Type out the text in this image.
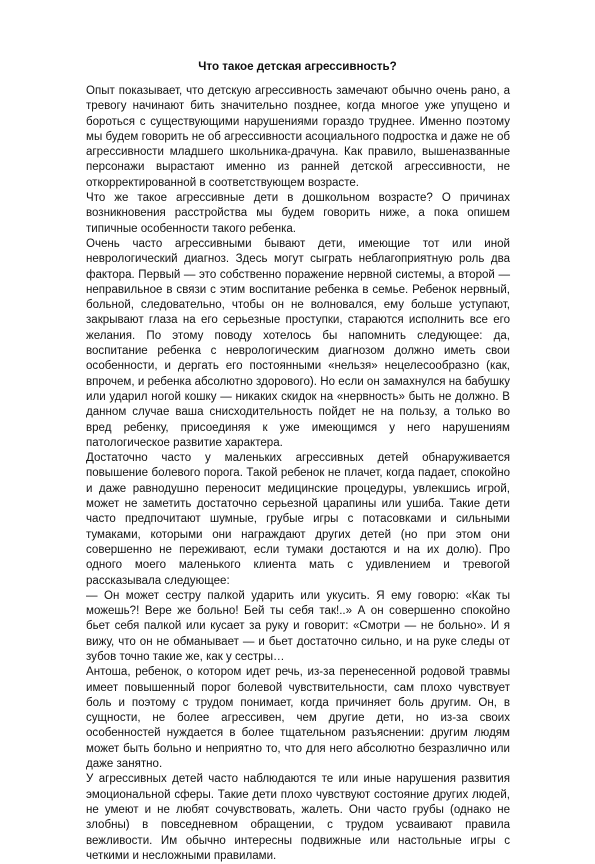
Что такое детская агрессивность?

Опыт показывает, что детскую агрессивность замечают обычно очень рано, а тревогу начинают бить значительно позднее, когда многое уже упущено и бороться с существующими нарушениями гораздо труднее. Именно поэтому мы будем говорить не об агрессивности асоциального подростка и даже не об агрессивности младшего школьника-драчуна. Как правило, вышеназванные персонажи вырастают именно из ранней детской агрессивности, не откорректированной в соответствующем возрасте.

Что же такое агрессивные дети в дошкольном возрасте? О причинах возникновения расстройства мы будем говорить ниже, а пока опишем типичные особенности такого ребенка.

Очень часто агрессивными бывают дети, имеющие тот или иной неврологический диагноз. Здесь могут сыграть неблагоприятную роль два фактора. Первый — это собственно поражение нервной системы, а второй — неправильное в связи с этим воспитание ребенка в семье. Ребенок нервный, больной, следовательно, чтобы он не волновался, ему больше уступают, закрывают глаза на его серьезные проступки, стараются исполнить все его желания. По этому поводу хотелось бы напомнить следующее: да, воспитание ребенка с неврологическим диагнозом должно иметь свои особенности, и дергать его постоянными «нельзя» нецелесообразно (как, впрочем, и ребенка абсолютно здорового). Но если он замахнулся на бабушку или ударил ногой кошку — никаких скидок на «нервность» быть не должно. В данном случае ваша снисходительность пойдет не на пользу, а только во вред ребенку, присоединяя к уже имеющимся у него нарушениям патологическое развитие характера.

Достаточно часто у маленьких агрессивных детей обнаруживается повышение болевого порога. Такой ребенок не плачет, когда падает, спокойно и даже равнодушно переносит медицинские процедуры, увлекшись игрой, может не заметить достаточно серьезной царапины или ушиба. Такие дети часто предпочитают шумные, грубые игры с потасовками и сильными тумаками, которыми они награждают других детей (но при этом они совершенно не переживают, если тумаки достаются и на их долю). Про одного моего маленького клиента мать с удивлением и тревогой рассказывала следующее:

— Он может сестру палкой ударить или укусить. Я ему говорю: «Как ты можешь?! Вере же больно! Бей ты себя так!..» А он совершенно спокойно бьет себя палкой или кусает за руку и говорит: «Смотри — не больно». И я вижу, что он не обманывает — и бьет достаточно сильно, и на руке следы от зубов точно такие же, как у сестры…

Антоша, ребенок, о котором идет речь, из-за перенесенной родовой травмы имеет повышенный порог болевой чувствительности, сам плохо чувствует боль и поэтому с трудом понимает, когда причиняет боль другим. Он, в сущности, не более агрессивен, чем другие дети, но из-за своих особенностей нуждается в более тщательном разъяснении: другим людям может быть больно и неприятно то, что для него абсолютно безразлично или даже занятно.

У агрессивных детей часто наблюдаются те или иные нарушения развития эмоциональной сферы. Такие дети плохо чувствуют состояние других людей, не умеют и не любят сочувствовать, жалеть. Они часто грубы (однако не злобны) в повседневном обращении, с трудом усваивают правила вежливости. Им обычно интересны подвижные или настольные игры с четкими и несложными правилами.
